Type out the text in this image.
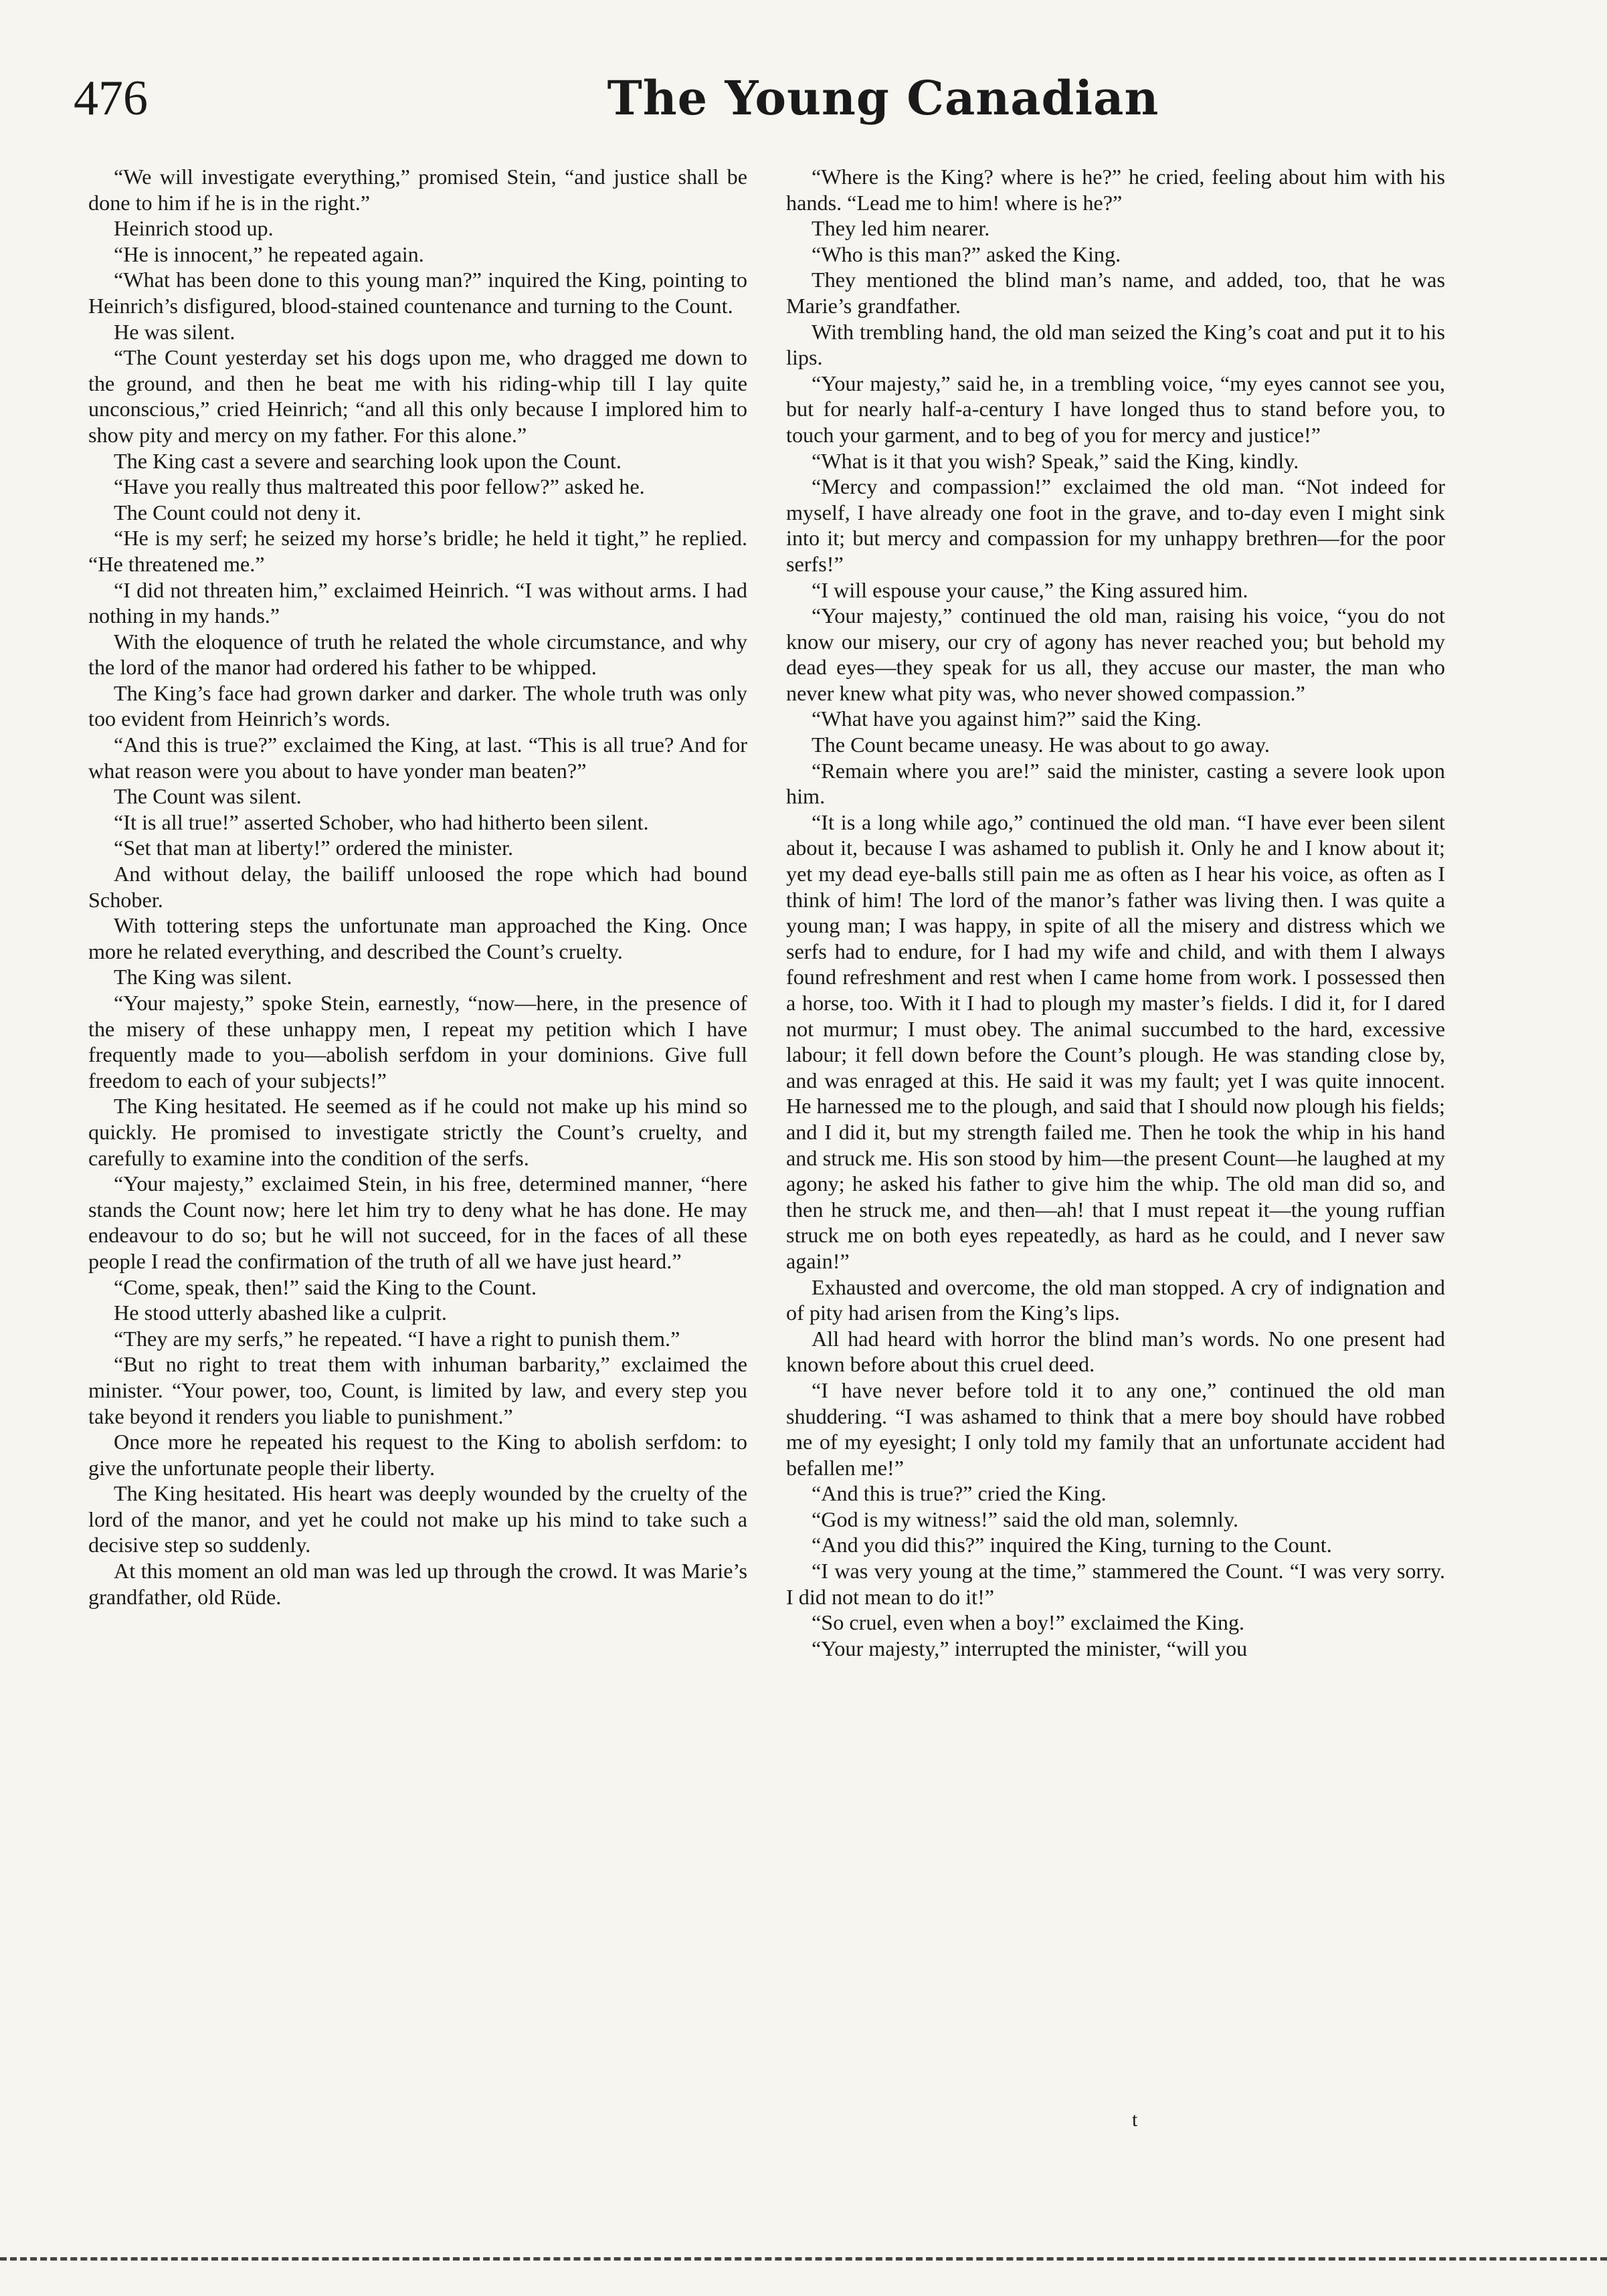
476	The Young Canadian

“We will investigate everything,” promised Stein, “and justice shall be done to him if he is in the right.”

Heinrich stood up.

“He is innocent,” he repeated again.

“What has been done to this young man?” inquired the King, pointing to Heinrich’s disfigured, blood-stained countenance and turning to the Count.

He was silent.

“The Count yesterday set his dogs upon me, who dragged me down to the ground, and then he beat me with his riding-whip till I lay quite unconscious,” cried Heinrich; “and all this only because I implored him to show pity and mercy on my father. For this alone.”

The King cast a severe and searching look upon the Count.

“Have you really thus maltreated this poor fellow?” asked he.

The Count could not deny it.

“He is my serf; he seized my horse’s bridle; he held it tight,” he replied. “He threatened me.”

“I did not threaten him,” exclaimed Heinrich. “I was without arms. I had nothing in my hands.”

With the eloquence of truth he related the whole circumstance, and why the lord of the manor had ordered his father to be whipped.

The King’s face had grown darker and darker. The whole truth was only too evident from Heinrich’s words.

“And this is true?” exclaimed the King, at last. “This is all true? And for what reason were you about to have yonder man beaten?”

The Count was silent.

“It is all true!” asserted Schober, who had hitherto been silent.

“Set that man at liberty!” ordered the minister.

And without delay, the bailiff unloosed the rope which had bound Schober.

With tottering steps the unfortunate man approached the King. Once more he related everything, and described the Count’s cruelty.

The King was silent.

“Your majesty,” spoke Stein, earnestly, “now—here, in the presence of the misery of these unhappy men, I repeat my petition which I have frequently made to you—abolish serfdom in your dominions. Give full freedom to each of your subjects!”

The King hesitated. He seemed as if he could not make up his mind so quickly. He promised to investigate strictly the Count’s cruelty, and carefully to examine into the condition of the serfs.

“Your majesty,” exclaimed Stein, in his free, determined manner, “here stands the Count now; here let him try to deny what he has done. He may endeavour to do so; but he will not succeed, for in the faces of all these people I read the confirmation of the truth of all we have just heard.”

“Come, speak, then!” said the King to the Count.

He stood utterly abashed like a culprit.

“They are my serfs,” he repeated. “I have a right to punish them.”

“But no right to treat them with inhuman barbarity,” exclaimed the minister. “Your power, too, Count, is limited by law, and every step you take beyond it renders you liable to punishment.”

Once more he repeated his request to the King to abolish serfdom: to give the unfortunate people their liberty.

The King hesitated. His heart was deeply wounded by the cruelty of the lord of the manor, and yet he could not make up his mind to take such a decisive step so suddenly.

At this moment an old man was led up through the crowd. It was Marie’s grandfather, old Rüde.

“Where is the King? where is he?” he cried, feeling about him with his hands. “Lead me to him! where is he?”

They led him nearer.

“Who is this man?” asked the King.

They mentioned the blind man’s name, and added, too, that he was Marie’s grandfather.

With trembling hand, the old man seized the King’s coat and put it to his lips.

“Your majesty,” said he, in a trembling voice, “my eyes cannot see you, but for nearly half-a-century I have longed thus to stand before you, to touch your garment, and to beg of you for mercy and justice!”

“What is it that you wish? Speak,” said the King, kindly.

“Mercy and compassion!” exclaimed the old man. “Not indeed for myself, I have already one foot in the grave, and to-day even I might sink into it; but mercy and compassion for my unhappy brethren—for the poor serfs!”

“I will espouse your cause,” the King assured him.

“Your majesty,” continued the old man, raising his voice, “you do not know our misery, our cry of agony has never reached you; but behold my dead eyes—they speak for us all, they accuse our master, the man who never knew what pity was, who never showed compassion.”

“What have you against him?” said the King.

The Count became uneasy. He was about to go away.

“Remain where you are!” said the minister, casting a severe look upon him.

“It is a long while ago,” continued the old man. “I have ever been silent about it, because I was ashamed to publish it. Only he and I know about it; yet my dead eye-balls still pain me as often as I hear his voice, as often as I think of him! The lord of the manor’s father was living then. I was quite a young man; I was happy, in spite of all the misery and distress which we serfs had to endure, for I had my wife and child, and with them I always found refreshment and rest when I came home from work. I possessed then a horse, too. With it I had to plough my master’s fields. I did it, for I dared not murmur; I must obey. The animal succumbed to the hard, excessive labour; it fell down before the Count’s plough. He was standing close by, and was enraged at this. He said it was my fault; yet I was quite innocent. He harnessed me to the plough, and said that I should now plough his fields; and I did it, but my strength failed me. Then he took the whip in his hand and struck me. His son stood by him—the present Count—he laughed at my agony; he asked his father to give him the whip. The old man did so, and then he struck me, and then—ah! that I must repeat it—the young ruffian struck me on both eyes repeatedly, as hard as he could, and I never saw again!”

Exhausted and overcome, the old man stopped. A cry of indignation and of pity had arisen from the King’s lips.

All had heard with horror the blind man’s words. No one present had known before about this cruel deed.

“I have never before told it to any one,” continued the old man shuddering. “I was ashamed to think that a mere boy should have robbed me of my eyesight; I only told my family that an unfortunate accident had befallen me!”

“And this is true?” cried the King.

“God is my witness!” said the old man, solemnly.

“And you did this?” inquired the King, turning to the Count.

“I was very young at the time,” stammered the Count. “I was very sorry. I did not mean to do it!”

“So cruel, even when a boy!” exclaimed the King.

“Your majesty,” interrupted the minister, “will you

t
